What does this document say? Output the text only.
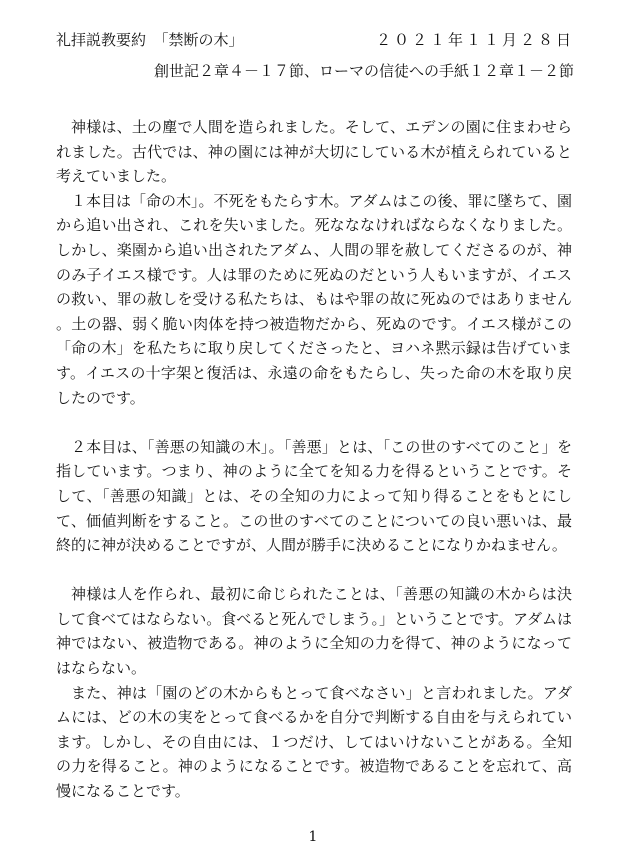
礼拝説教要約　「禁断の木」	２０２１年１１月２８日
創世記２章４－１７節、ローマの信徒への手紙１２章１－２節

神様は、土の塵で人間を造られました。そして、エデンの園に住まわせられました。古代では、神の園には神が大切にしている木が植えられていると考えていました。

１本目は「命の木」。不死をもたらす木。アダムはこの後、罪に墜ちて、園から追い出され、これを失いました。死なななければならなくなりました。しかし、楽園から追い出されたアダム、人間の罪を赦してくださるのが、神のみ子イエス様です。人は罪のために死ぬのだという人もいますが、イエスの救い、罪の赦しを受ける私たちは、もはや罪の故に死ぬのではありません。土の器、弱く脆い肉体を持つ被造物だから、死ぬのです。イエス様がこの「命の木」を私たちに取り戻してくださったと、ヨハネ黙示録は告げています。イエスの十字架と復活は、永遠の命をもたらし、失った命の木を取り戻したのです。

２本目は、「善悪の知識の木」。「善悪」とは、「この世のすべてのこと」を指しています。つまり、神のように全てを知る力を得るということです。そして、「善悪の知識」とは、その全知の力によって知り得ることをもとにして、価値判断をすること。この世のすべてのことについての良い悪いは、最終的に神が決めることですが、人間が勝手に決めることになりかねません。

神様は人を作られ、最初に命じられたことは、「善悪の知識の木からは決して食べてはならない。食べると死んでしまう。」ということです。アダムは神ではない、被造物である。神のように全知の力を得て、神のようになってはならない。

また、神は「園のどの木からもとって食べなさい」と言われました。アダムには、どの木の実をとって食べるかを自分で判断する自由を与えられています。しかし、その自由には、１つだけ、してはいけないことがある。全知の力を得ること。神のようになることです。被造物であることを忘れて、高慢になることです。

1
